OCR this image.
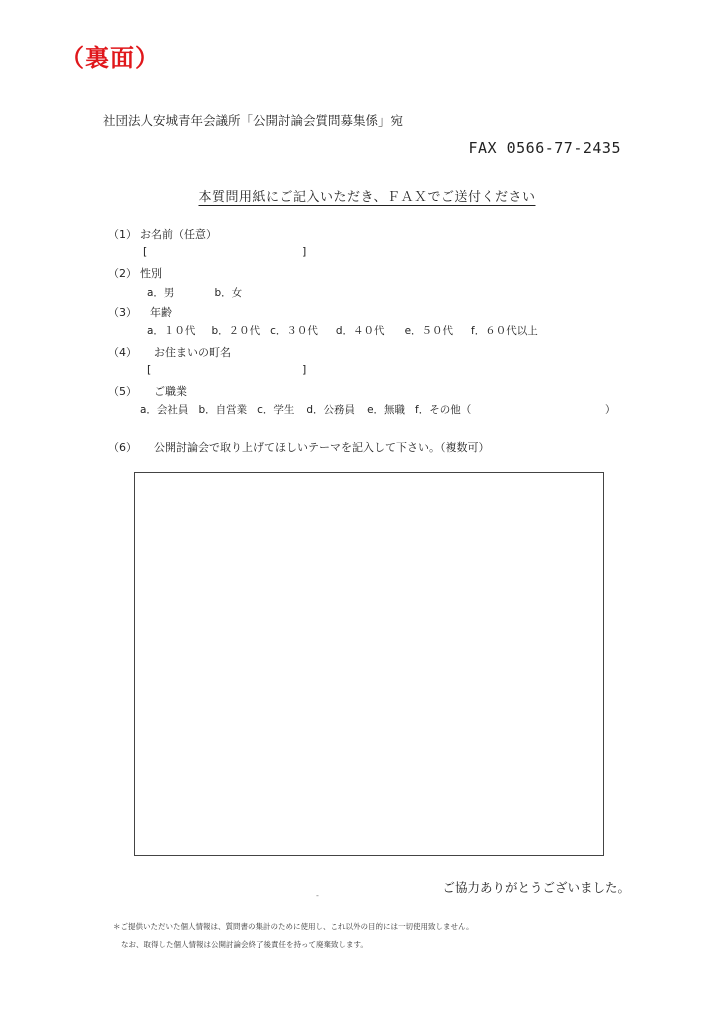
（裏面）
社団法人安城青年会議所「公開討論会質問募集係」宛
FAX 0566-77-2435
本質問用紙にご記入いただき、ＦＡＸでご送付ください
（1） お名前（任意）
[	]
（2） 性別
a．男	b．女
（3） 年齢
a．１０代 b．２０代 c．３０代 d．４０代 e．５０代 f．６０代以上
（4） お住まいの町名
[	]
（5） ご職業
a．会社員 b．自営業 c．学生 d．公務員 e．無職 f．その他（	）
（6） 公開討論会で取り上げてほしいテーマを記入して下さい。（複数可）
ご協力ありがとうございました。
-
＊ご提供いただいた個人情報は、質問書の集計のために使用し、これ以外の目的には一切使用致しません。
なお、取得した個人情報は公開討論会終了後責任を持って廃棄致します。
